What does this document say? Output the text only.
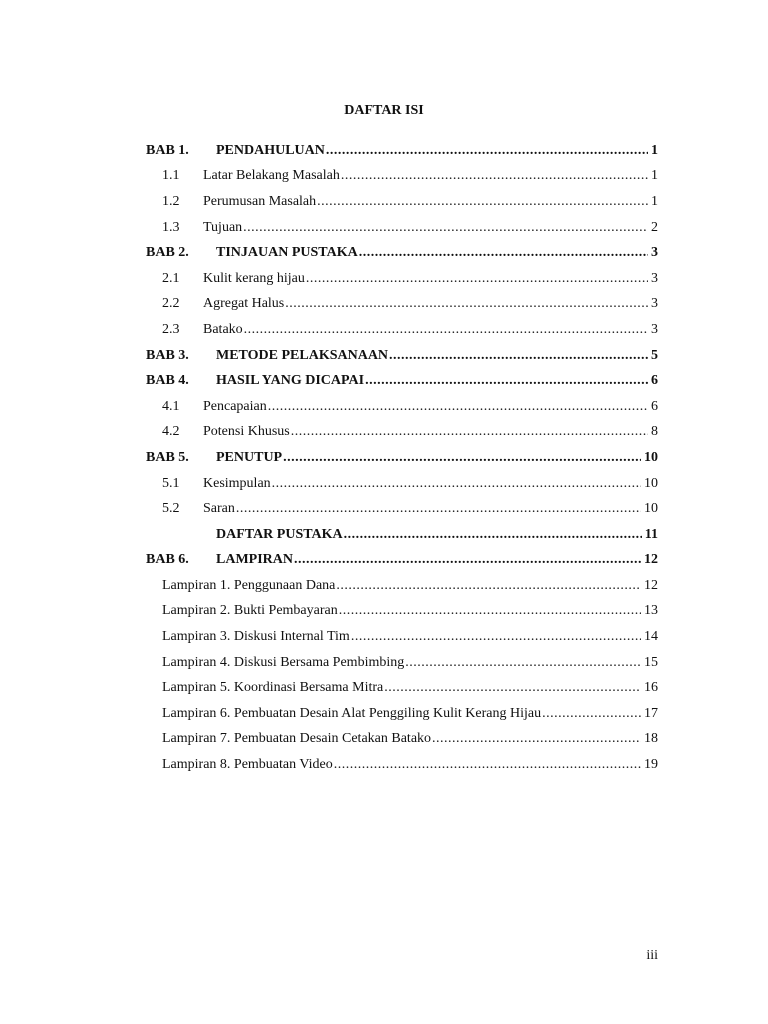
DAFTAR ISI
BAB 1.	PENDAHULUAN .....	1
1.1	Latar Belakang Masalah .....	1
1.2	Perumusan Masalah .....	1
1.3	Tujuan .....	2
BAB 2.	TINJAUAN PUSTAKA .....	3
2.1	Kulit kerang hijau .....	3
2.2	Agregat Halus .....	3
2.3	Batako .....	3
BAB 3.	METODE PELAKSANAAN .....	5
BAB 4.	HASIL YANG DICAPAI .....	6
4.1	Pencapaian .....	6
4.2	Potensi Khusus .....	8
BAB 5.	PENUTUP .....	10
5.1	Kesimpulan .....	10
5.2	Saran .....	10
DAFTAR PUSTAKA .....	11
BAB 6.	LAMPIRAN .....	12
Lampiran 1. Penggunaan Dana .....	12
Lampiran 2. Bukti Pembayaran .....	13
Lampiran 3. Diskusi Internal Tim .....	14
Lampiran 4. Diskusi Bersama Pembimbing .....	15
Lampiran 5. Koordinasi Bersama Mitra .....	16
Lampiran 6. Pembuatan Desain Alat Penggiling Kulit Kerang Hijau .....	17
Lampiran 7. Pembuatan Desain Cetakan Batako .....	18
Lampiran 8. Pembuatan Video .....	19
iii
